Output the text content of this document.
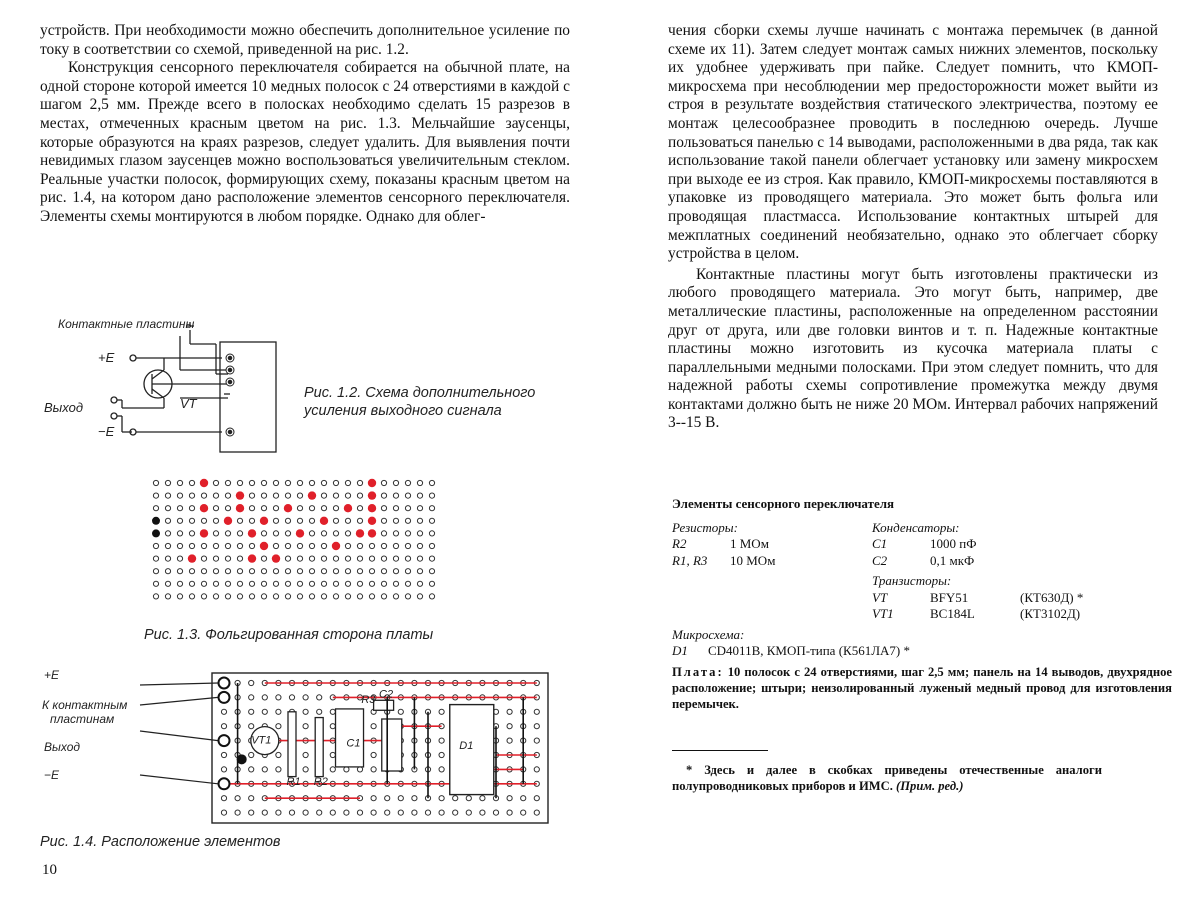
устройств. При необходимости можно обеспечить дополнительное усиление по току в соответствии со схемой, приведенной на рис. 1.2.

Конструкция сенсорного переключателя собирается на обычной плате, на одной стороне которой имеется 10 медных полосок с 24 отверстиями в каждой с шагом 2,5 мм. Прежде всего в полосках необходимо сделать 15 разрезов в местах, отмеченных красным цветом на рис. 1.3. Мельчайшие заусенцы, которые образуются на краях разрезов, следует удалить. Для выявления почти невидимых глазом заусенцев можно воспользоваться увеличительным стеклом. Реальные участки полосок, формирующих схему, показаны красным цветом на рис. 1.4, на котором дано расположение элементов сенсорного переключателя. Элементы схемы монтируются в любом порядке. Однако для облег-

чения сборки схемы лучше начинать с монтажа перемычек (в данной схеме их 11). Затем следует монтаж самых нижних элементов, поскольку их удобнее удерживать при пайке. Следует помнить, что КМОП-микросхема при несоблюдении мер предосторожности может выйти из строя в результате воздействия статического электричества, поэтому ее монтаж целесообразнее проводить в последнюю очередь. Лучше пользоваться панелью с 14 выводами, расположенными в два ряда, так как использование такой панели облегчает установку или замену микросхем при выходе ее из строя. Как правило, КМОП-микросхемы поставляются в упаковке из проводящего материала. Это может быть фольга или проводящая пластмасса. Использование контактных штырей для межплатных соединений необязательно, однако это облегчает сборку устройства в целом.

Контактные пластины могут быть изготовлены практически из любого проводящего материала. Это могут быть, например, две металлические пластины, расположенные на определенном расстоянии друг от друга, или две головки винтов и т. п. Надежные контактные пластины можно изготовить из кусочка материала платы с параллельными медными полосками. При этом следует помнить, что для надежной работы схемы сопротивление промежутка между двумя контактами должно быть не ниже 20 МОм. Интервал рабочих напряжений 3--15 В.

Контактные пластины
+E
Выход
−E
VT
Рис. 1.2. Схема дополнительного усиления выходного сигнала
Рис. 1.3. Фольгированная сторона платы
+E
К контактным
пластинам
Выход
−E
VT1
R1 R2
R3
C1
C2
D1
Рис. 1.4. Расположение элементов
Элементы сенсорного переключателя
Резисторы:		Конденсаторы:		
R2	1 МОм	C1	1000 пФ	
R1, R3	10 МОм	C2	0,1 мкФ	
		Транзисторы:		
		VT	BFY51	(КТ630Д) *
		VT1	BC184L	(КТ3102Д)
Микросхема:
D1 CD4011B, КМОП-типа (К561ЛА7) *
Плата: 10 полосок с 24 отверстиями, шаг 2,5 мм; панель на 14 выводов, двухрядное расположение; штыри; неизолированный луженый медный провод для изготовления перемычек.
* Здесь и далее в скобках приведены отечественные аналоги полупроводниковых приборов и ИМС. (Прим. ред.)
10
